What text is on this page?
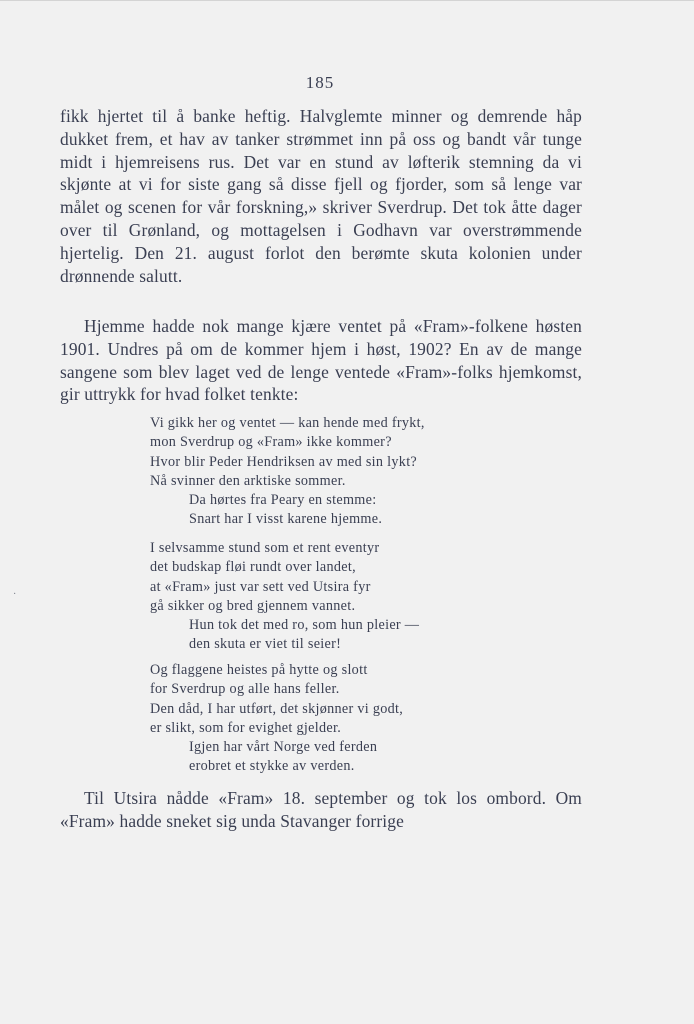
185
·

fikk hjertet til å banke heftig. Halvglemte minner og demrende håp dukket frem, et hav av tanker strømmet inn på oss og bandt vår tunge midt i hjemreisens rus. Det var en stund av løfterik stemning da vi skjønte at vi for siste gang så disse fjell og fjorder, som så lenge var målet og scenen for vår forskning,» skriver Sverdrup. Det tok åtte dager over til Grønland, og mottagelsen i Godhavn var overstrømmende hjertelig. Den 21. august forlot den berømte skuta kolonien under drønnende salutt.

Hjemme hadde nok mange kjære ventet på «Fram»-folkene høsten 1901. Undres på om de kommer hjem i høst, 1902? En av de mange sangene som blev laget ved de lenge ventede «Fram»-folks hjemkomst, gir uttrykk for hvad folket tenkte:

Vi gikk her og ventet — kan hende med frykt,
mon Sverdrup og «Fram» ikke kommer?
Hvor blir Peder Hendriksen av med sin lykt?
Nå svinner den arktiske sommer.
Da hørtes fra Peary en stemme:
Snart har I visst karene hjemme.
I selvsamme stund som et rent eventyr
det budskap fløi rundt over landet,
at «Fram» just var sett ved Utsira fyr
gå sikker og bred gjennem vannet.
Hun tok det med ro, som hun pleier —
den skuta er viet til seier!
Og flaggene heistes på hytte og slott
for Sverdrup og alle hans feller.
Den dåd, I har utført, det skjønner vi godt,
er slikt, som for evighet gjelder.
Igjen har vårt Norge ved ferden
erobret et stykke av verden.

Til Utsira nådde «Fram» 18. september og tok los ombord. Om «Fram» hadde sneket sig unda Stavanger forrige
